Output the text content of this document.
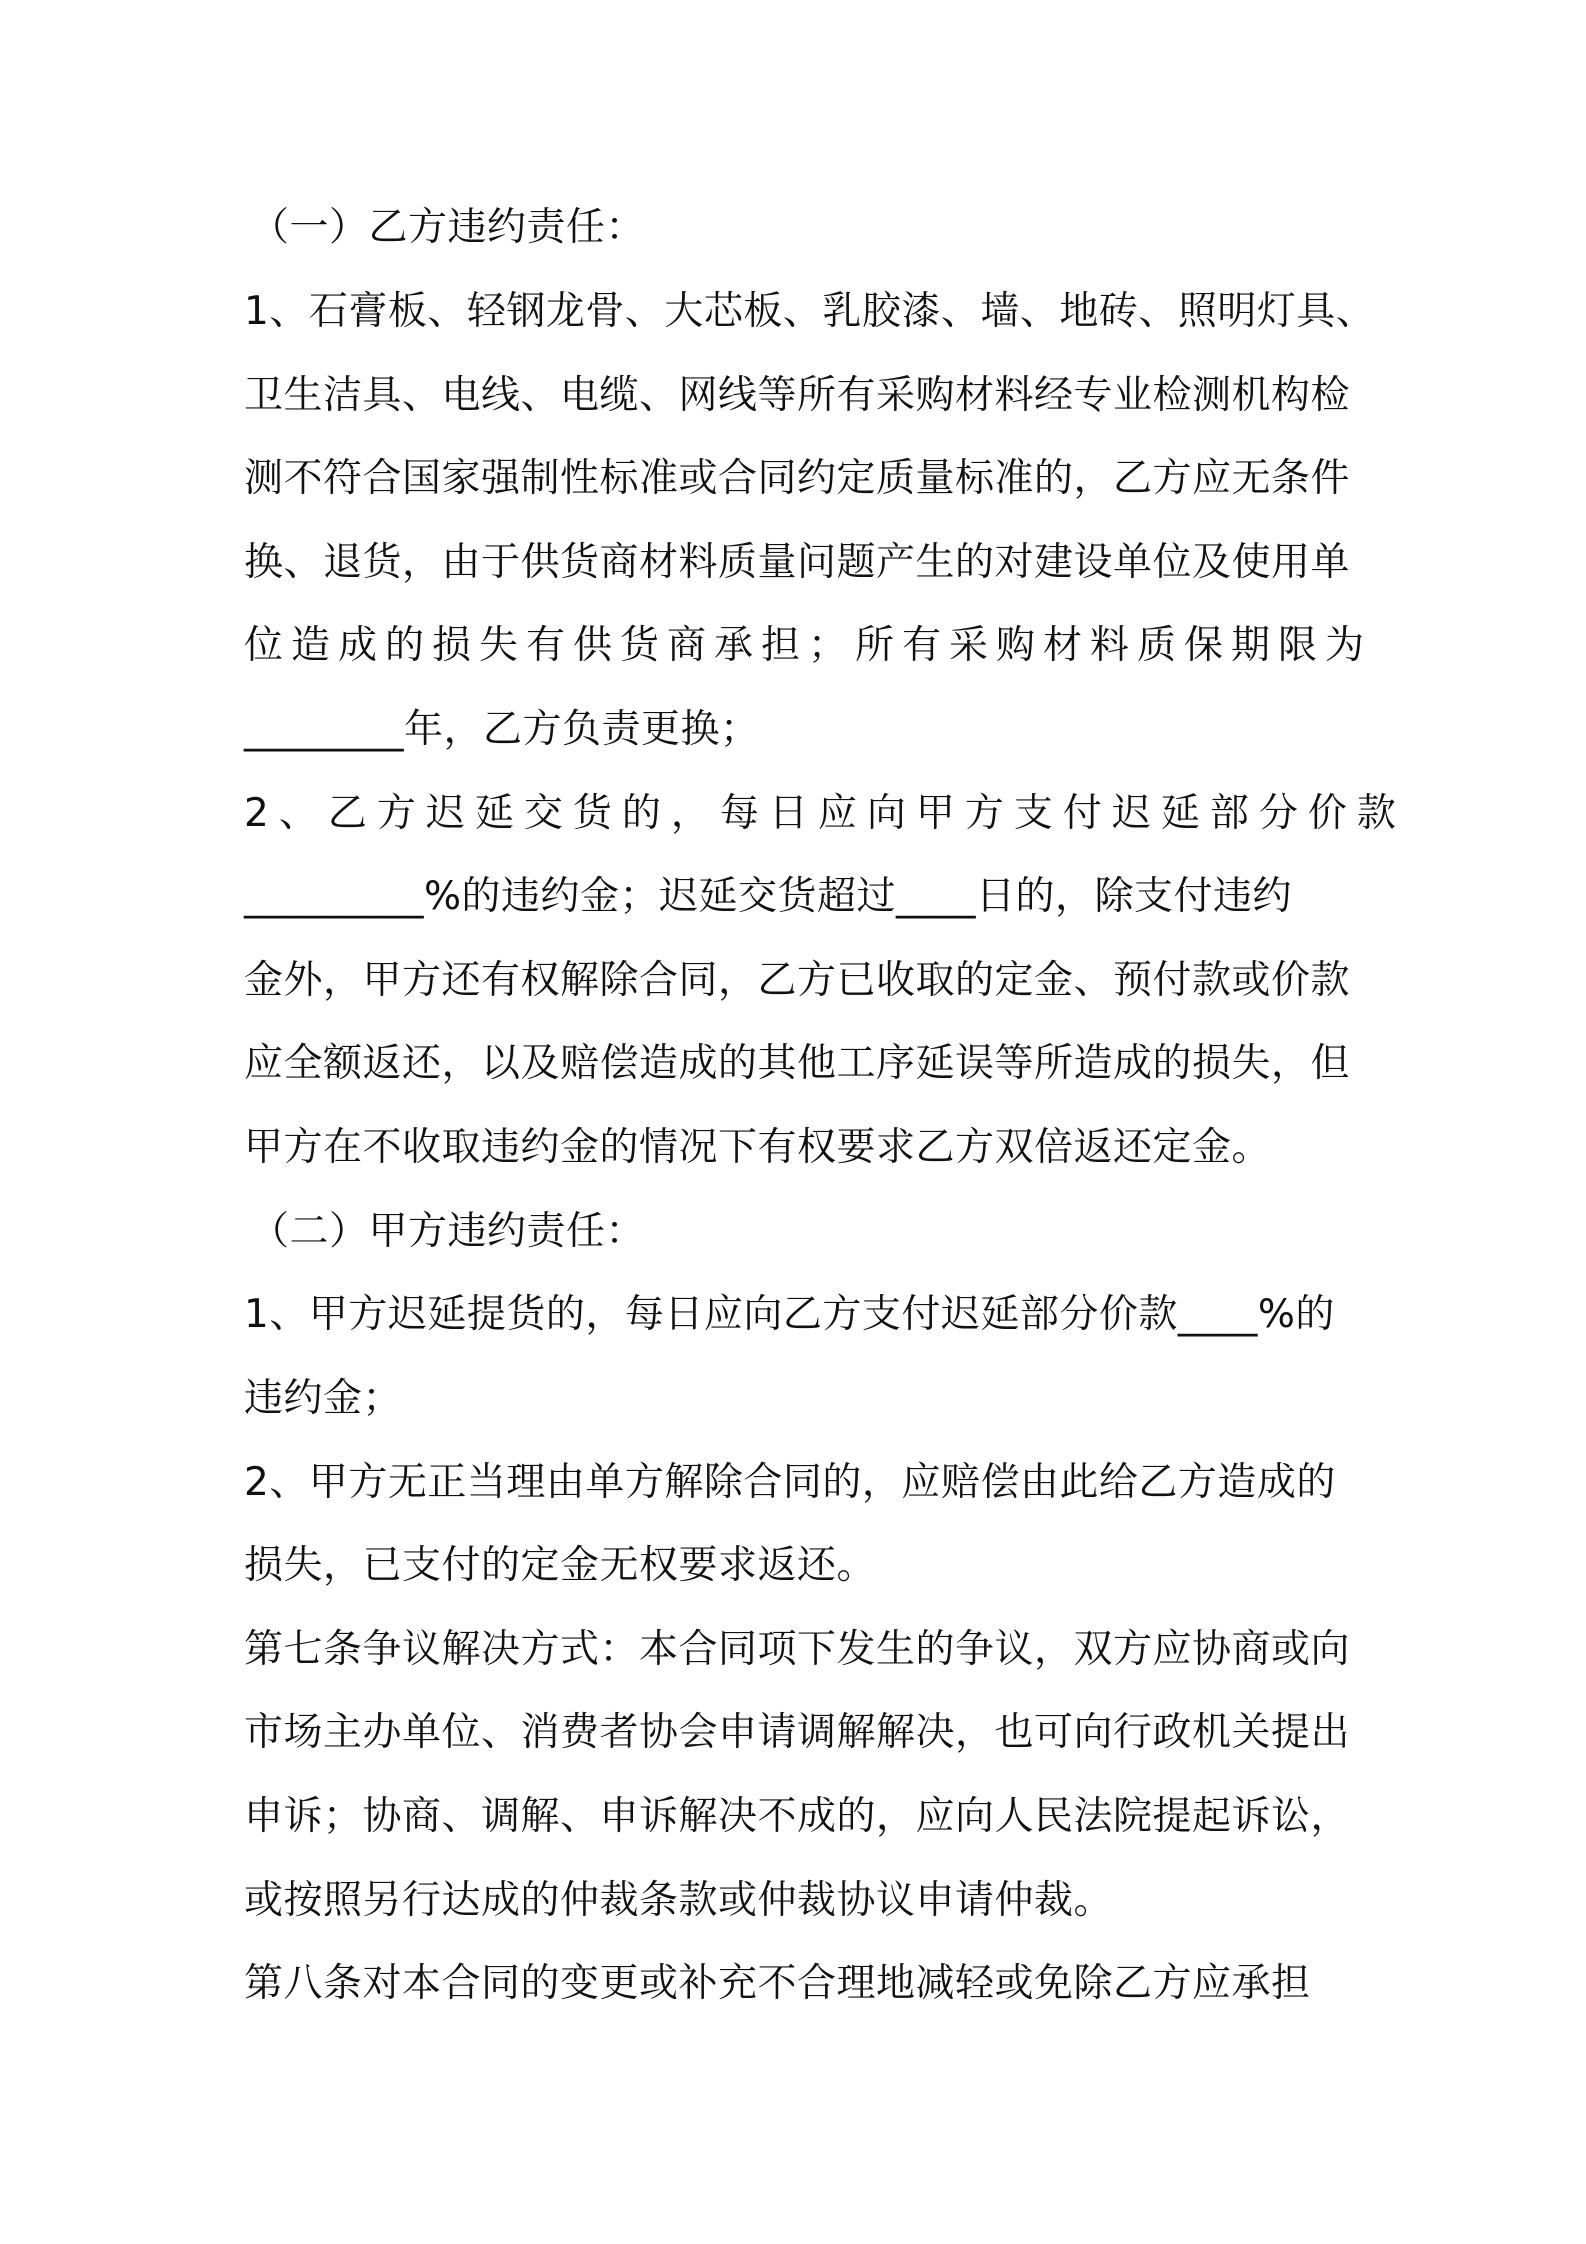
（一）乙方违约责任：
1、石膏板、轻钢龙骨、大芯板、乳胶漆、墙、地砖、照明灯具、
卫生洁具、电线、电缆、网线等所有采购材料经专业检测机构检
测不符合国家强制性标准或合同约定质量标准的，乙方应无条件
换、退货，由于供货商材料质量问题产生的对建设单位及使用单
位造成的损失有供货商承担；所有采购材料质保期限为
________年，乙方负责更换；
2、乙方迟延交货的，每日应向甲方支付迟延部分价款
_________%的违约金；迟延交货超过____日的，除支付违约
金外，甲方还有权解除合同，乙方已收取的定金、预付款或价款
应全额返还，以及赔偿造成的其他工序延误等所造成的损失，但
甲方在不收取违约金的情况下有权要求乙方双倍返还定金。
（二）甲方违约责任：
1、甲方迟延提货的，每日应向乙方支付迟延部分价款____%的
违约金；
2、甲方无正当理由单方解除合同的，应赔偿由此给乙方造成的
损失，已支付的定金无权要求返还。
第七条争议解决方式：本合同项下发生的争议，双方应协商或向
市场主办单位、消费者协会申请调解解决，也可向行政机关提出
申诉；协商、调解、申诉解决不成的，应向人民法院提起诉讼，
或按照另行达成的仲裁条款或仲裁协议申请仲裁。
第八条对本合同的变更或补充不合理地减轻或免除乙方应承担
